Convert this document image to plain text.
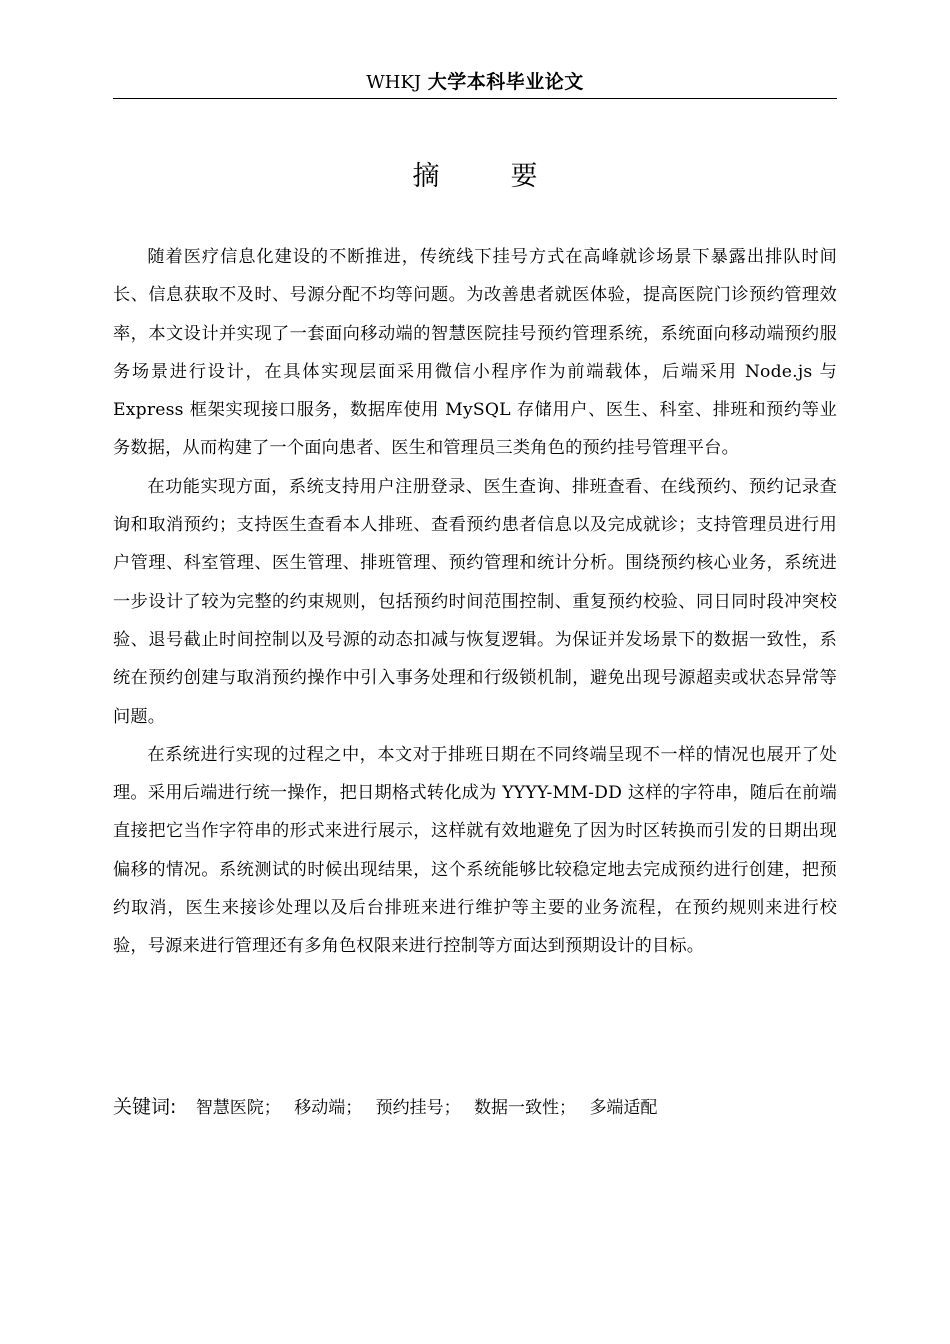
WHKJ 大学本科毕业论文
摘　要

随着医疗信息化建设的不断推进，传统线下挂号方式在高峰就诊场景下暴露出排队时间长、信息获取不及时、号源分配不均等问题。为改善患者就医体验，提高医院门诊预约管理效率，本文设计并实现了一套面向移动端的智慧医院挂号预约管理系统，系统面向移动端预约服务场景进行设计，在具体实现层面采用微信小程序作为前端载体，后端采用 Node.js 与 Express 框架实现接口服务，数据库使用 MySQL 存储用户、医生、科室、排班和预约等业务数据，从而构建了一个面向患者、医生和管理员三类角色的预约挂号管理平台。

在功能实现方面，系统支持用户注册登录、医生查询、排班查看、在线预约、预约记录查询和取消预约；支持医生查看本人排班、查看预约患者信息以及完成就诊；支持管理员进行用户管理、科室管理、医生管理、排班管理、预约管理和统计分析。围绕预约核心业务，系统进一步设计了较为完整的约束规则，包括预约时间范围控制、重复预约校验、同日同时段冲突校验、退号截止时间控制以及号源的动态扣减与恢复逻辑。为保证并发场景下的数据一致性，系统在预约创建与取消预约操作中引入事务处理和行级锁机制，避免出现号源超卖或状态异常等问题。

在系统进行实现的过程之中，本文对于排班日期在不同终端呈现不一样的情况也展开了处理。采用后端进行统一操作，把日期格式转化成为 YYYY-MM-DD 这样的字符串，随后在前端直接把它当作字符串的形式来进行展示，这样就有效地避免了因为时区转换而引发的日期出现偏移的情况。系统测试的时候出现结果，这个系统能够比较稳定地去完成预约进行创建，把预约取消，医生来接诊处理以及后台排班来进行维护等主要的业务流程，在预约规则来进行校验，号源来进行管理还有多角色权限来进行控制等方面达到预期设计的目标。

关键词: 智慧医院； 移动端； 预约挂号； 数据一致性； 多端适配
